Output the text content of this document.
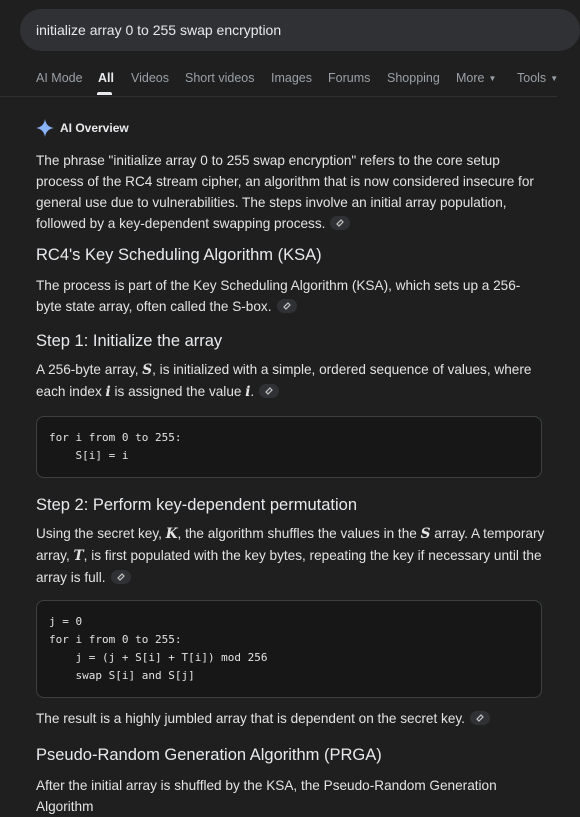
initialize array 0 to 255 swap encryption
AI Mode All Videos Short videos Images Forums Shopping More ▼ Tools ▼
AI Overview
The phrase "initialize array 0 to 255 swap encryption" refers to the core setup process of the RC4 stream cipher, an algorithm that is now considered insecure for general use due to vulnerabilities. The steps involve an initial array population, followed by a key-dependent swapping process.
RC4's Key Scheduling Algorithm (KSA)
The process is part of the Key Scheduling Algorithm (KSA), which sets up a 256-byte state array, often called the S-box.
Step 1: Initialize the array
A 256-byte array, S, is initialized with a simple, ordered sequence of values, where each index i is assigned the value i.
for i from 0 to 255:
S[i] = i
Step 2: Perform key-dependent permutation
Using the secret key, K, the algorithm shuffles the values in the S array. A temporary array, T, is first populated with the key bytes, repeating the key if necessary until the array is full.
j = 0
for i from 0 to 255:
j = (j + S[i] + T[i]) mod 256
swap S[i] and S[j]
The result is a highly jumbled array that is dependent on the secret key.
Pseudo-Random Generation Algorithm (PRGA)
After the initial array is shuffled by the KSA, the Pseudo-Random Generation Algorithm
